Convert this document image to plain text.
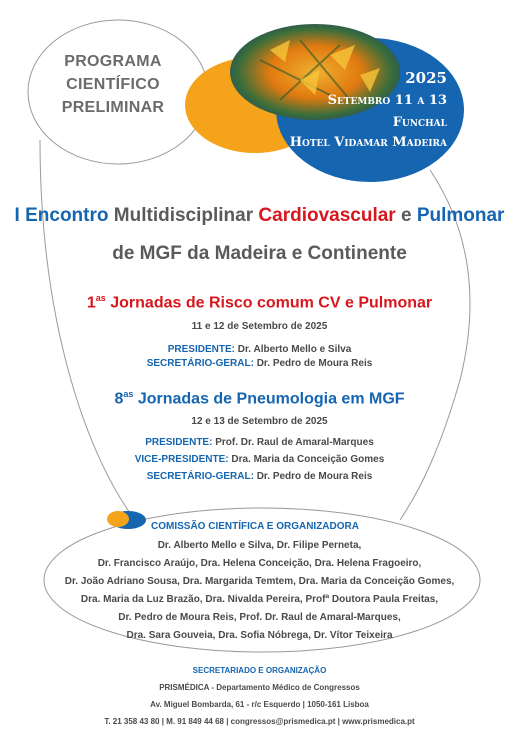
PROGRAMA
CIENTÍFICO
PRELIMINAR
2025
Setembro 11 a 13
Funchal
Hotel Vidamar Madeira
I Encontro Multidisciplinar Cardiovascular e Pulmonar
de MGF da Madeira e Continente
$1^{as}$ Jornadas de Risco comum CV e Pulmonar
11 e 12 de Setembro de 2025
PRESIDENTE: Dr. Alberto Mello e Silva
SECRETÁRIO-GERAL: Dr. Pedro de Moura Reis
$8^{as}$ Jornadas de Pneumologia em MGF
12 e 13 de Setembro de 2025
PRESIDENTE: Prof. Dr. Raul de Amaral-Marques
VICE-PRESIDENTE: Dra. Maria da Conceição Gomes
SECRETÁRIO-GERAL: Dr. Pedro de Moura Reis
COMISSÃO CIENTÍFICA E ORGANIZADORA
Dr. Alberto Mello e Silva, Dr. Filipe Perneta,
Dr. Francisco Araújo, Dra. Helena Conceição, Dra. Helena Fragoeiro,
Dr. João Adriano Sousa, Dra. Margarida Temtem, Dra. Maria da Conceição Gomes,
Dra. Maria da Luz Brazão, Dra. Nivalda Pereira, Profª Doutora Paula Freitas,
Dr. Pedro de Moura Reis, Prof. Dr. Raul de Amaral-Marques,
Dra. Sara Gouveia, Dra. Sofia Nóbrega, Dr. Vítor Teixeira
SECRETARIADO E ORGANIZAÇÃO
PRISMÉDICA - Departamento Médico de Congressos
Av. Miguel Bombarda, 61 - r/c Esquerdo | 1050-161 Lisboa
T. 21 358 43 80 | M. 91 849 44 68 | congressos@prismedica.pt | www.prismedica.pt
